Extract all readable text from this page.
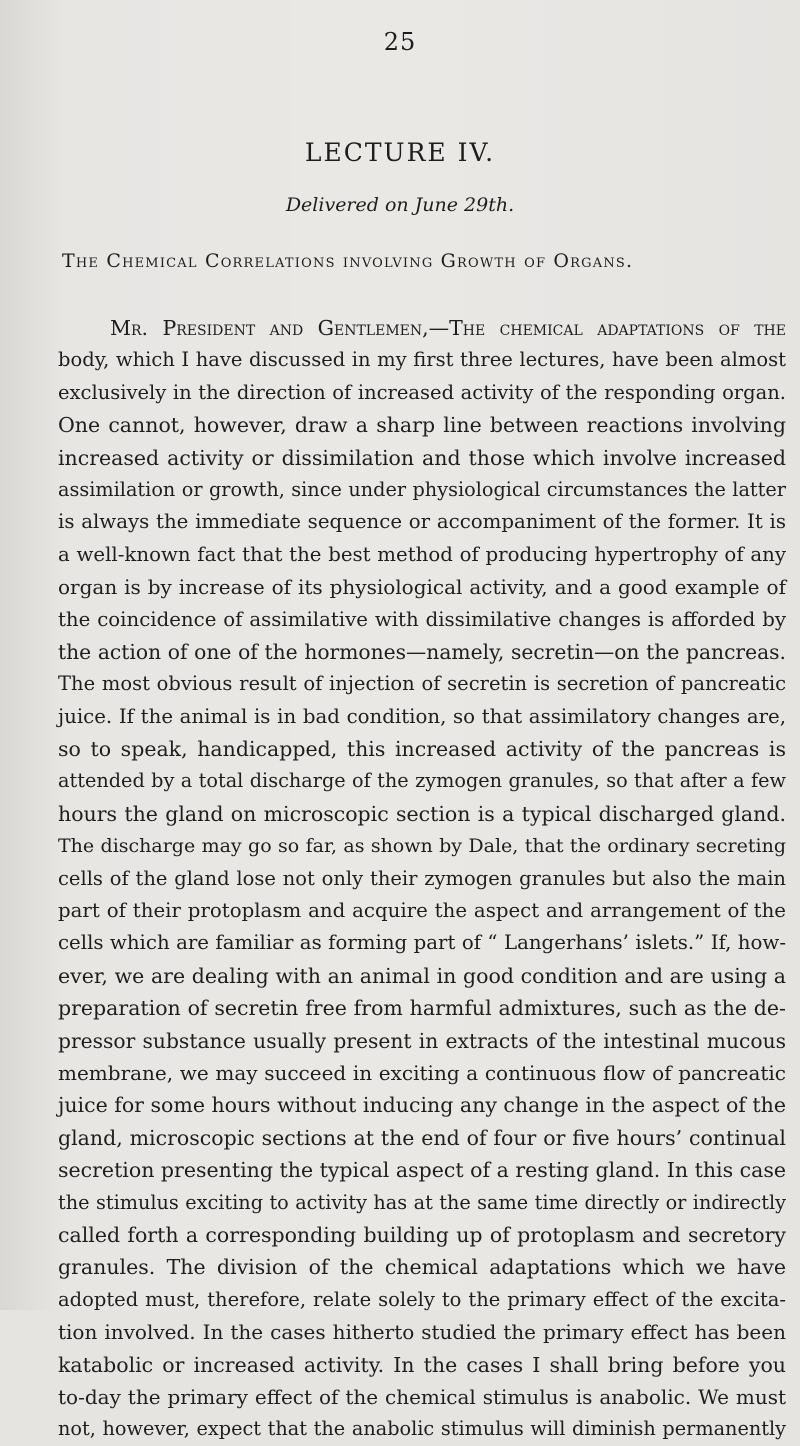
25
LECTURE IV.
Delivered on June 29th.
The Chemical Correlations involving Growth of Organs.
Mr. President and Gentlemen,—The chemical adaptations of the
body, which I have discussed in my first three lectures, have been almost
exclusively in the direction of increased activity of the responding organ.
One cannot, however, draw a sharp line between reactions involving
increased activity or dissimilation and those which involve increased
assimilation or growth, since under physiological circumstances the latter
is always the immediate sequence or accompaniment of the former. It is
a well-known fact that the best method of producing hypertrophy of any
organ is by increase of its physiological activity, and a good example of
the coincidence of assimilative with dissimilative changes is afforded by
the action of one of the hormones—namely, secretin—on the pancreas.
The most obvious result of injection of secretin is secretion of pancreatic
juice. If the animal is in bad condition, so that assimilatory changes are,
so to speak, handicapped, this increased activity of the pancreas is
attended by a total discharge of the zymogen granules, so that after a few
hours the gland on microscopic section is a typical discharged gland.
The discharge may go so far, as shown by Dale, that the ordinary secreting
cells of the gland lose not only their zymogen granules but also the main
part of their protoplasm and acquire the aspect and arrangement of the
cells which are familiar as forming part of “ Langerhans’ islets.” If, how-
ever, we are dealing with an animal in good condition and are using a
preparation of secretin free from harmful admixtures, such as the de-
pressor substance usually present in extracts of the intestinal mucous
membrane, we may succeed in exciting a continuous flow of pancreatic
juice for some hours without inducing any change in the aspect of the
gland, microscopic sections at the end of four or five hours’ continual
secretion presenting the typical aspect of a resting gland. In this case
the stimulus exciting to activity has at the same time directly or indirectly
called forth a corresponding building up of protoplasm and secretory
granules. The division of the chemical adaptations which we have
adopted must, therefore, relate solely to the primary effect of the excita-
tion involved. In the cases hitherto studied the primary effect has been
katabolic or increased activity. In the cases I shall bring before you
to-day the primary effect of the chemical stimulus is anabolic. We must
not, however, expect that the anabolic stimulus will diminish permanently
